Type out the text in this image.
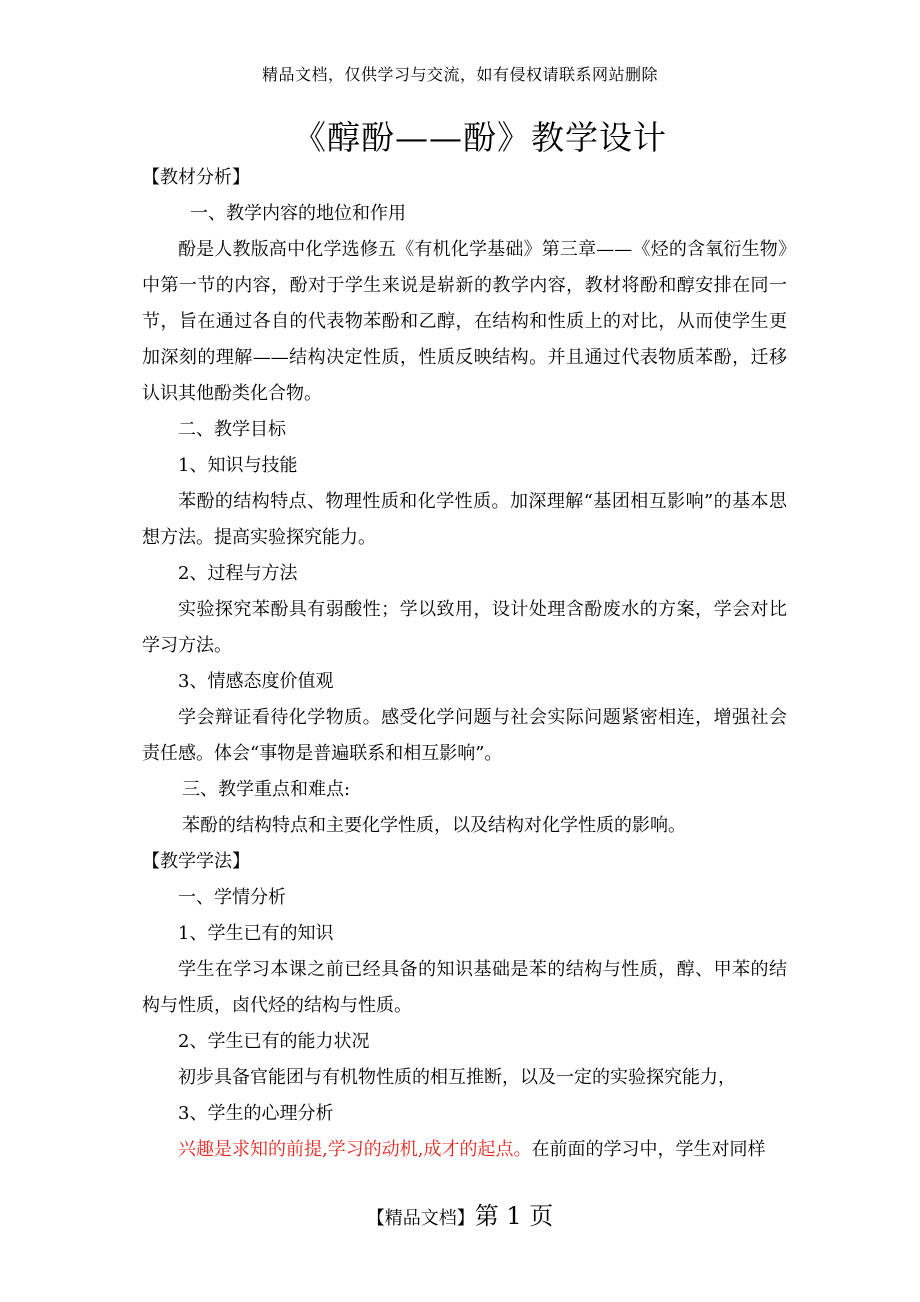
精品文档，仅供学习与交流，如有侵权请联系网站删除
《醇酚——酚》教学设计

【教材分析】

一、教学内容的地位和作用

酚是人教版高中化学选修五《有机化学基础》第三章——《烃的含氧衍生物》中第一节的内容，酚对于学生来说是崭新的教学内容，教材将酚和醇安排在同一节，旨在通过各自的代表物苯酚和乙醇，在结构和性质上的对比，从而使学生更加深刻的理解——结构决定性质，性质反映结构。并且通过代表物质苯酚，迁移认识其他酚类化合物。

二、教学目标

1、知识与技能

苯酚的结构特点、物理性质和化学性质。加深理解“基团相互影响”的基本思想方法。提高实验探究能力。

2、过程与方法

实验探究苯酚具有弱酸性；学以致用，设计处理含酚废水的方案，学会对比学习方法。

3、情感态度价值观

学会辩证看待化学物质。感受化学问题与社会实际问题紧密相连，增强社会责任感。体会“事物是普遍联系和相互影响”。

三、教学重点和难点:

苯酚的结构特点和主要化学性质，以及结构对化学性质的影响。

【教学学法】

一、学情分析

1、学生已有的知识

学生在学习本课之前已经具备的知识基础是苯的结构与性质，醇、甲苯的结构与性质，卤代烃的结构与性质。

2、学生已有的能力状况

初步具备官能团与有机物性质的相互推断，以及一定的实验探究能力，

3、学生的心理分析

兴趣是求知的前提,学习的动机,成才的起点。在前面的学习中，学生对同样

【精品文档】第 1 页
